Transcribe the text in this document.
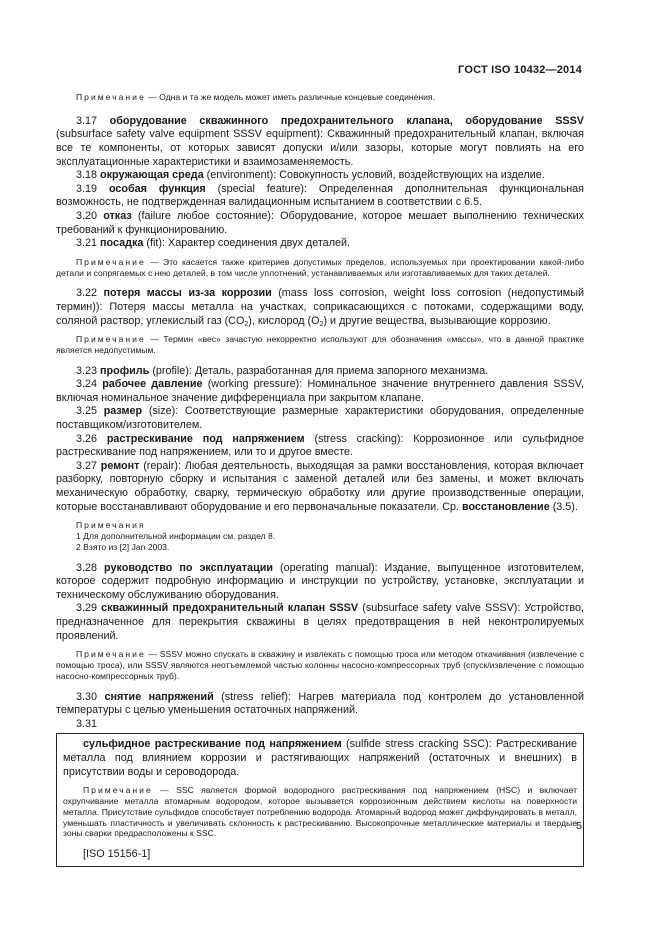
ГОСТ ISO 10432—2014

Примечание — Одна и та же модель может иметь различные концевые соединения.

3.17 оборудование скважинного предохранительного клапана, оборудование SSSV (subsurface safety valve equipment SSSV equipment): Скважинный предохранительный клапан, включая все те компоненты, от которых зависят допуски и/или зазоры, которые могут повлиять на его эксплуатационные характеристики и взаимозаменяемость.

3.18 окружающая среда (environment): Совокупность условий, воздействующих на изделие.

3.19 особая функция (special feature): Определенная дополнительная функциональная возможность, не подтвержденная валидационным испытанием в соответствии с 6.5.

3.20 отказ (failure любое состояние): Оборудование, которое мешает выполнению технических требований к функционированию.

3.21 посадка (fit): Характер соединения двух деталей.

Примечание — Это касается также критериев допустимых пределов, используемых при проектировании какой-либо детали и сопрягаемых с нею деталей, в том числе уплотнений, устанавливаемых или изготавливаемых для таких деталей.

3.22 потеря массы из-за коррозии (mass loss corrosion, weight loss corrosion (недопустимый термин)): Потеря массы металла на участках, соприкасающихся с потоками, содержащими воду, соляной раствор, углекислый газ $(CO_2)$, кислород $(O_2)$ и другие вещества, вызывающие коррозию.

Примечание — Термин «вес» зачастую некорректно используют для обозначения «массы», что в данной практике является недопустимым.

3.23 профиль (profile): Деталь, разработанная для приема запорного механизма.

3.24 рабочее давление (working pressure): Номинальное значение внутреннего давления SSSV, включая номинальное значение дифференциала при закрытом клапане.

3.25 размер (size): Соответствующие размерные характеристики оборудования, определенные поставщиком/изготовителем.

3.26 растрескивание под напряжением (stress cracking): Коррозионное или сульфидное растрескивание под напряжением, или то и другое вместе.

3.27 ремонт (repair): Любая деятельность, выходящая за рамки восстановления, которая включает разборку, повторную сборку и испытания с заменой деталей или без замены, и может включать механическую обработку, сварку, термическую обработку или другие производственные операции, которые восстанавливают оборудование и его первоначальные показатели. Ср. восстановление (3.5).

Примечания

1 Для дополнительной информации см. раздел 8.

2 Взято из [2] Jan 2003.

3.28 руководство по эксплуатации (operating manual): Издание, выпущенное изготовителем, которое содержит подробную информацию и инструкции по устройству, установке, эксплуатации и техническому обслуживанию оборудования.

3.29 скважинный предохранительный клапан SSSV (subsurface safety valve SSSV): Устройство, предназначенное для перекрытия скважины в целях предотвращения в ней неконтролируемых проявлений.

Примечание — SSSV можно спускать в скважину и извлекать с помощью троса или методом откачивания (извлечение с помощью троса), или SSSV являются неотъемлемой частью колонны насосно-компрессорных труб (спуск/извлечение с помощью насосно-компрессорных труб).

3.30 снятие напряжений (stress relief): Нагрев материала под контролем до установленной температуры с целью уменьшения остаточных напряжений.

3.31

сульфидное растрескивание под напряжением (sulfide stress cracking SSC): Растрескивание металла под влиянием коррозии и растягивающих напряжений (остаточных и внешних) в присутствии воды и сероводорода.

Примечание — SSC является формой водородного растрескивания под напряжением (HSC) и включает охрупчивание металла атомарным водородом, которое вызывается коррозионным действием кислоты на поверхности металла. Присутствие сульфидов способствует потреблению водорода. Атомарный водород может диффундировать в металл, уменьшать пластичность и увеличивать склонность к растрескиванию. Высокопрочные металлические материалы и твердые зоны сварки предрасположены к SSC.

[ISO 15156-1]

5
